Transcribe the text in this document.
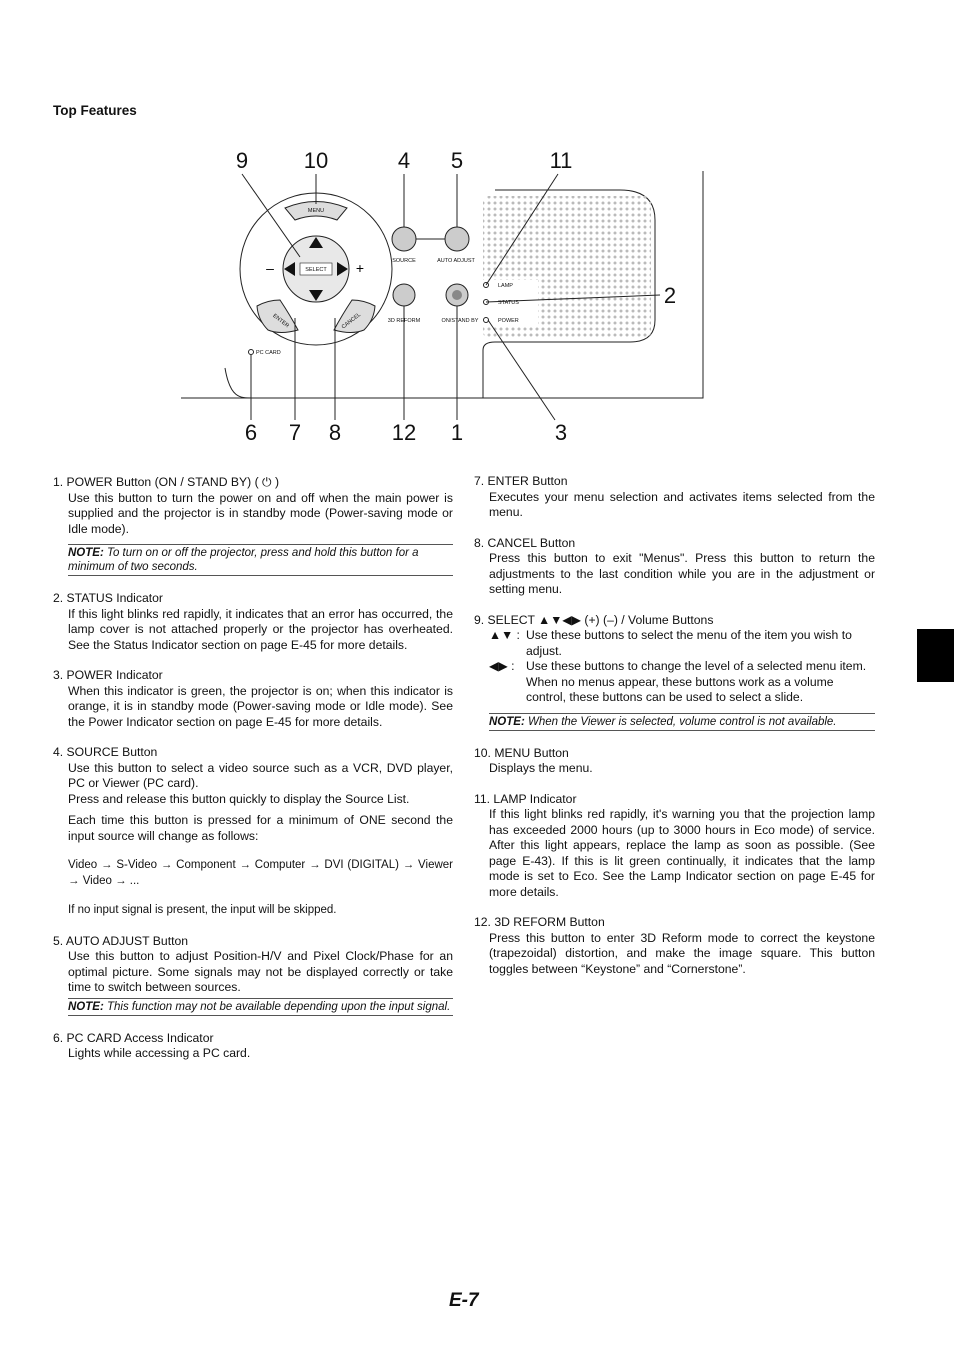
Top Features
MENU
SELECT
–	+
ENTER	CANCEL
PC CARD
SOURCE	AUTO ADJUST
3D REFORM	ON/STAND BY
LAMP
STATUS
POWER
9	10	4 5	11
2
6 7 8 12 1	3
1. POWER Button (ON / STAND BY) ( ⏻ )
Use this button to turn the power on and off when the main power is supplied and the projector is in standby mode (Power-saving mode or Idle mode).
NOTE: To turn on or off the projector, press and hold this button for a minimum of two seconds.
2. STATUS Indicator
If this light blinks red rapidly, it indicates that an error has occurred, the lamp cover is not attached properly or the projector has overheated. See the Status Indicator section on page E-45 for more details.
3. POWER Indicator
When this indicator is green, the projector is on; when this indicator is orange, it is in standby mode (Power-saving mode or Idle mode). See the Power Indicator section on page E-45 for more details.
4. SOURCE Button
Use this button to select a video source such as a VCR, DVD player, PC or Viewer (PC card).
Press and release this button quickly to display the Source List.
Each time this button is pressed for a minimum of ONE second the input source will change as follows:
Video → S-Video → Component → Computer → DVI (DIGITAL) → Viewer → Video → ...
If no input signal is present, the input will be skipped.
5. AUTO ADJUST Button
Use this button to adjust Position-H/V and Pixel Clock/Phase for an optimal picture. Some signals may not be displayed correctly or take time to switch between sources.
NOTE: This function may not be available depending upon the input signal.
6. PC CARD Access Indicator
Lights while accessing a PC card.
7. ENTER Button
Executes your menu selection and activates items selected from the menu.
8. CANCEL Button
Press this button to exit "Menus". Press this button to return the adjustments to the last condition while you are in the adjustment or setting menu.
9. SELECT ▲▼◀▶ (+) (–) / Volume Buttons
▲▼ : Use these buttons to select the menu of the item you wish to adjust.
◀▶ : Use these buttons to change the level of a selected menu item. When no menus appear, these buttons work as a volume control, these buttons can be used to select a slide.
NOTE: When the Viewer is selected, volume control is not available.
10. MENU Button
Displays the menu.
11. LAMP Indicator
If this light blinks red rapidly, it's warning you that the projection lamp has exceeded 2000 hours (up to 3000 hours in Eco mode) of service. After this light appears, replace the lamp as soon as possible. (See page E-43). If this is lit green continually, it indicates that the lamp mode is set to Eco. See the Lamp Indicator section on page E-45 for more details.
12. 3D REFORM Button
Press this button to enter 3D Reform mode to correct the keystone (trapezoidal) distortion, and make the image square. This button toggles between “Keystone” and “Cornerstone”.
E-7
